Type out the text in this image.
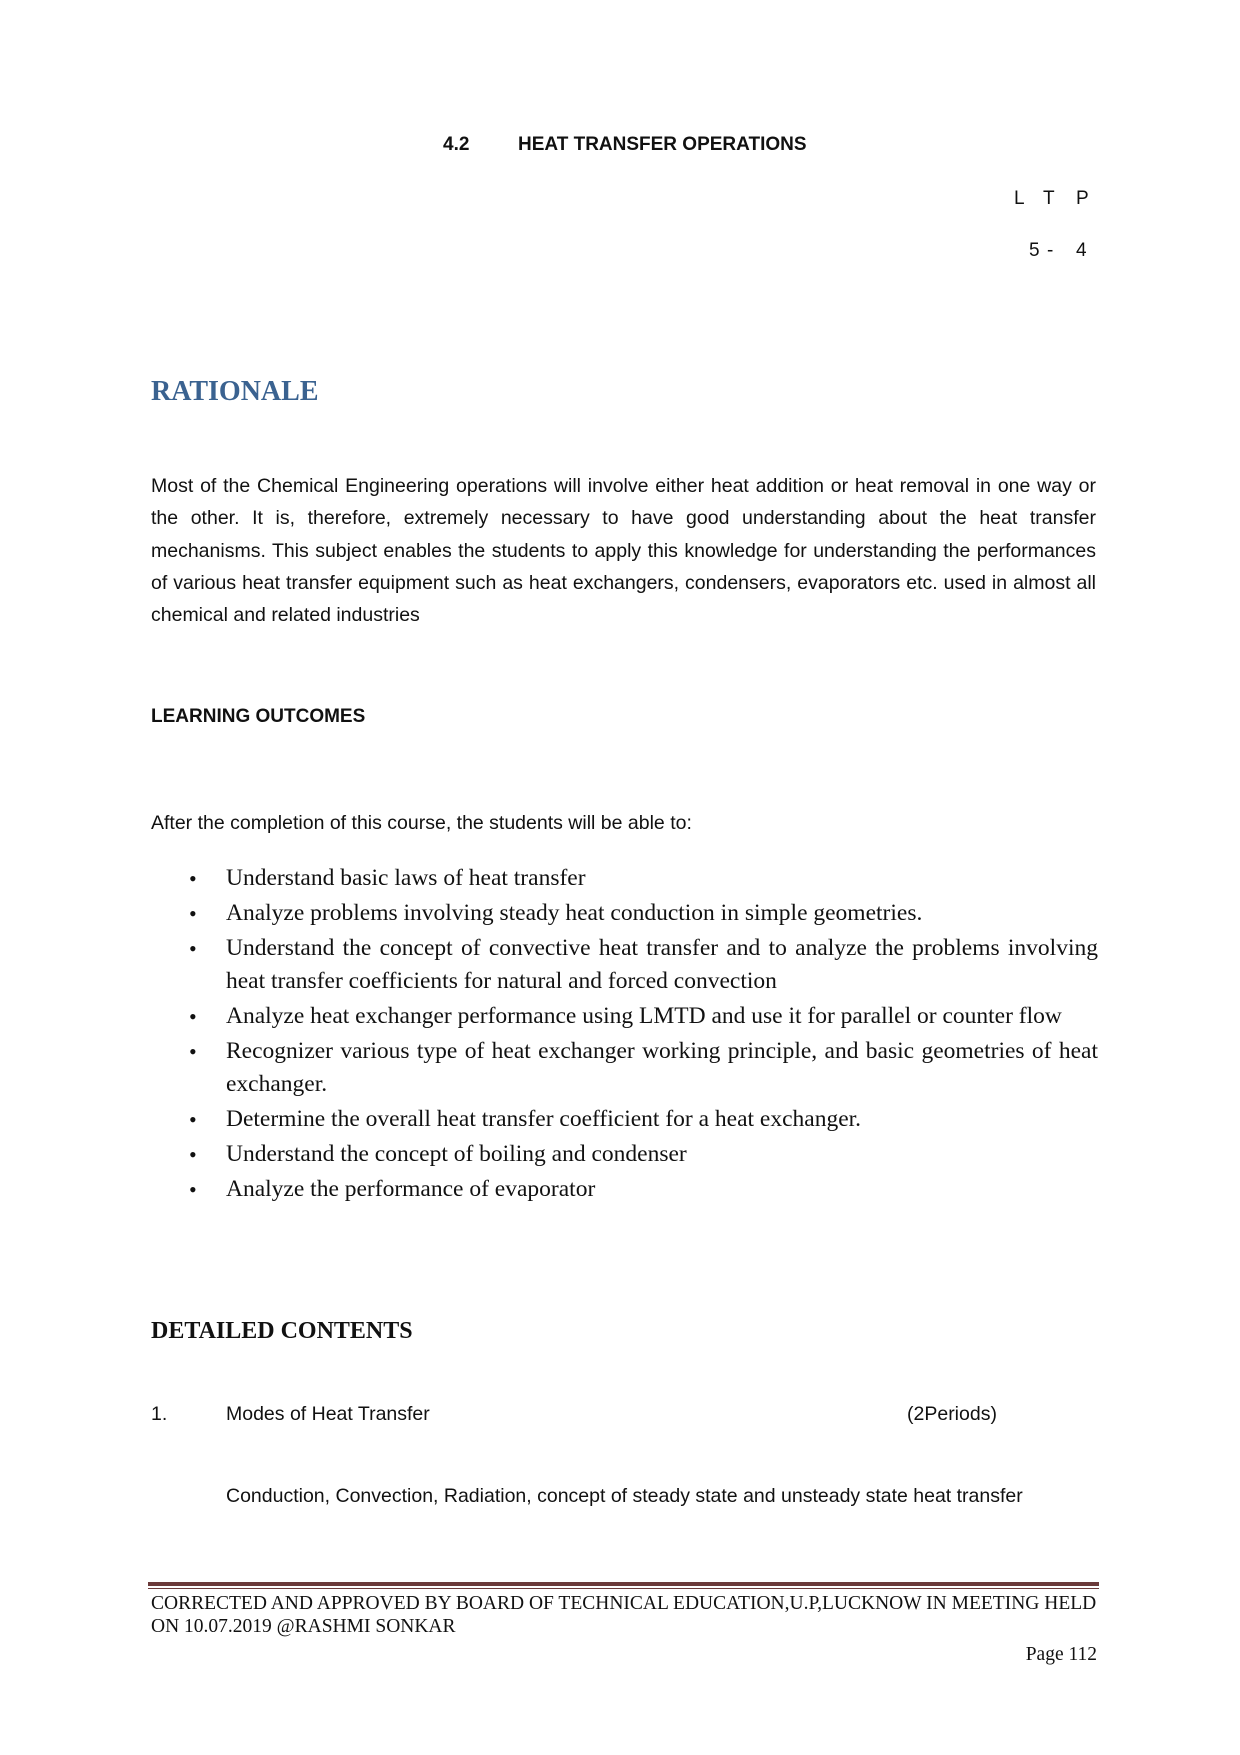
4.2	HEAT TRANSFER OPERATIONS
L T P
5 - 4
RATIONALE
Most of the Chemical Engineering operations will involve either heat addition or heat removal in one way or the other. It is, therefore, extremely necessary to have good understanding about the heat transfer mechanisms. This subject enables the students to apply this knowledge for understanding the performances of various heat transfer equipment such as heat exchangers, condensers, evaporators etc. used in almost all chemical and related industries
LEARNING OUTCOMES
After the completion of this course, the students will be able to:
• Understand basic laws of heat transfer
• Analyze problems involving steady heat conduction in simple geometries.
• Understand the concept of convective heat transfer and to analyze the problems involving heat transfer coefficients for natural and forced convection
• Analyze heat exchanger performance using LMTD and use it for parallel or counter flow
• Recognizer various type of heat exchanger working principle, and basic geometries of heat exchanger.
• Determine the overall heat transfer coefficient for a heat exchanger.
• Understand the concept of boiling and condenser
• Analyze the performance of evaporator
DETAILED CONTENTS
1.	Modes of Heat Transfer	(2Periods)
Conduction, Convection, Radiation, concept of steady state and unsteady state heat transfer
CORRECTED AND APPROVED BY BOARD OF TECHNICAL EDUCATION,U.P,LUCKNOW IN MEETING HELD ON 10.07.2019 @RASHMI SONKAR
Page 112
